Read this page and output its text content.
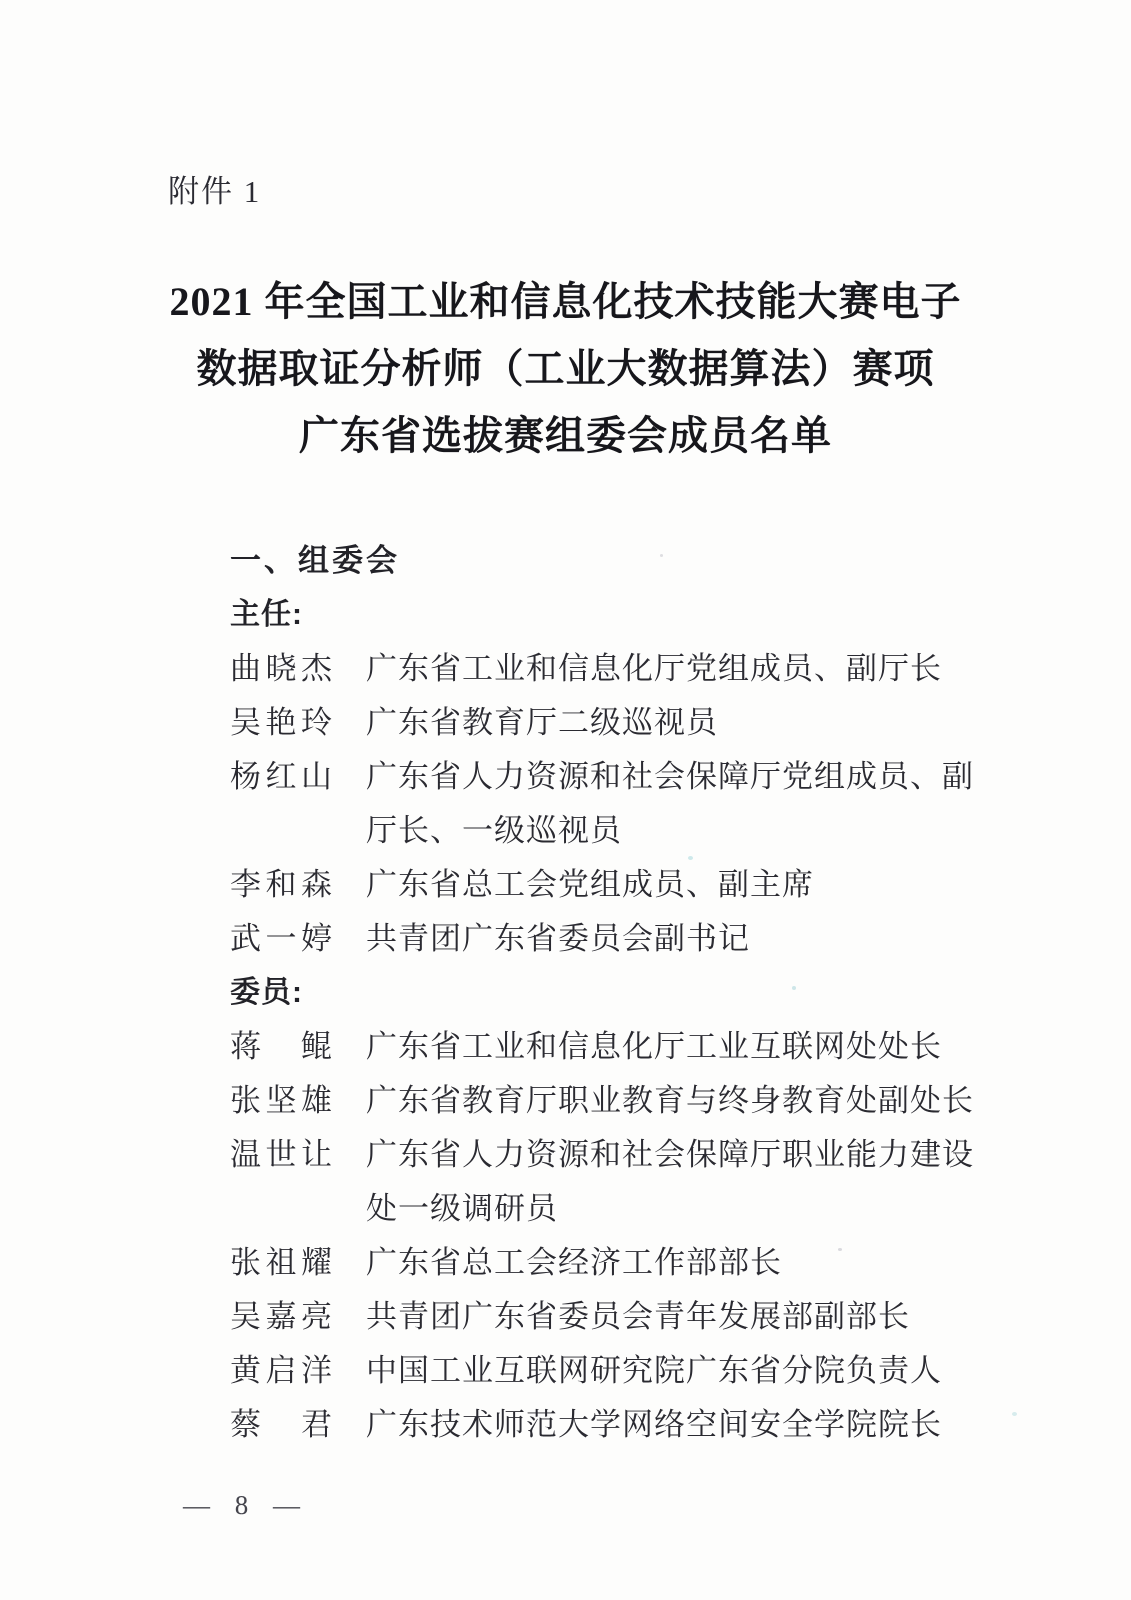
附件 1
2021 年全国工业和信息化技术技能大赛电子
数据取证分析师（工业大数据算法）赛项
广东省选拔赛组委会成员名单
一、组委会
主任:
曲晓杰 广东省工业和信息化厅党组成员、副厅长
吴艳玲 广东省教育厅二级巡视员
杨红山 广东省人力资源和社会保障厅党组成员、副厅长、一级巡视员
李和森 广东省总工会党组成员、副主席
武一婷 共青团广东省委员会副书记
委员:
蒋鲲 广东省工业和信息化厅工业互联网处处长
张坚雄 广东省教育厅职业教育与终身教育处副处长
温世让 广东省人力资源和社会保障厅职业能力建设处一级调研员
张祖耀 广东省总工会经济工作部部长
吴嘉亮 共青团广东省委员会青年发展部副部长
黄启洋 中国工业互联网研究院广东省分院负责人
蔡君 广东技术师范大学网络空间安全学院院长
— 8 —
